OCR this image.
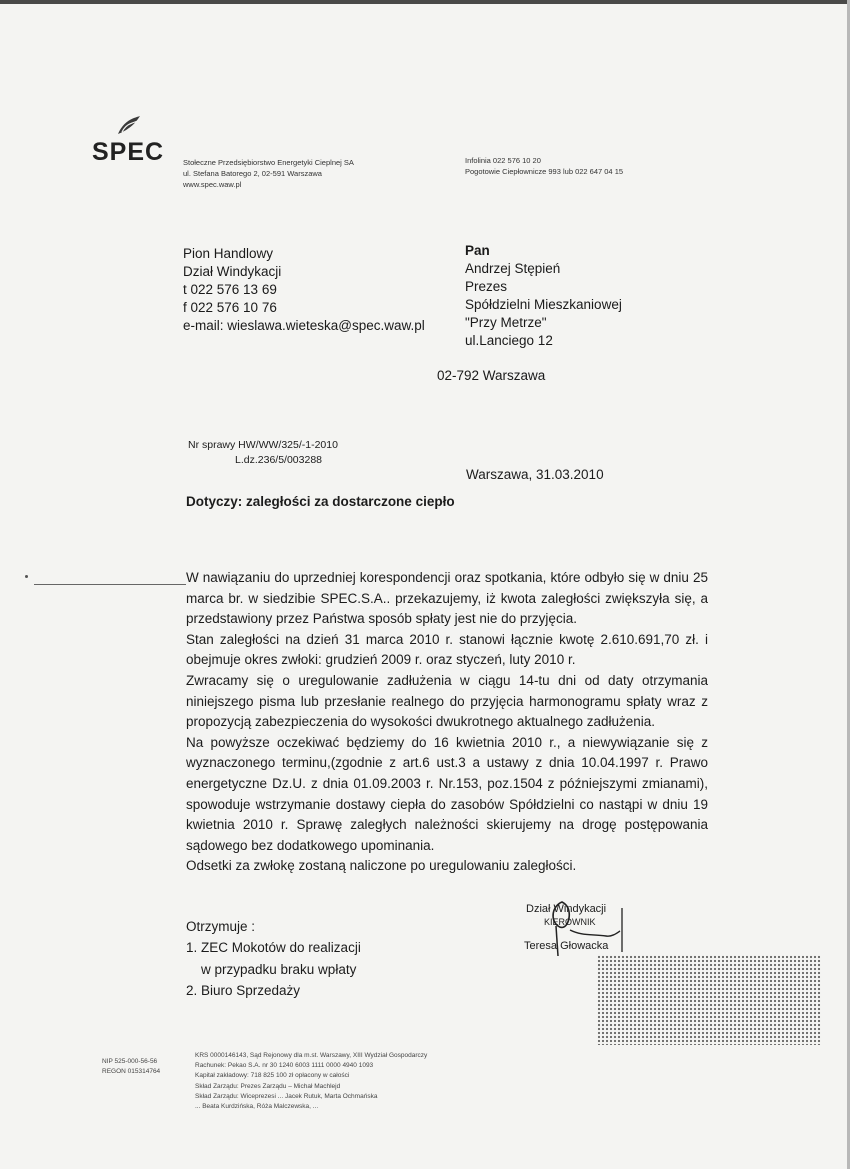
SPEC	Stołeczne Przedsiębiorstwo Energetyki Cieplnej SA
ul. Stefana Batorego 2, 02-591 Warszawa
www.spec.waw.pl
Infolinia 022 576 10 20
Pogotowie Ciepłownicze 993 lub 022 647 04 15
Pion Handlowy
Dział Windykacji
t 022 576 13 69
f 022 576 10 76
e-mail: wieslawa.wieteska@spec.waw.pl
Pan
Andrzej Stępień
Prezes
Spółdzielni Mieszkaniowej
"Przy Metrze"
ul.Lanciego 12
02-792 Warszawa
Nr sprawy HW/WW/325/-1-2010
L.dz.236/5/003288
Warszawa, 31.03.2010
Dotyczy: zaległości za dostarczone ciepło

W nawiązaniu do uprzedniej korespondencji oraz spotkania, które odbyło się w dniu 25 marca br. w siedzibie SPEC.S.A.. przekazujemy, iż kwota zaległości zwiększyła się, a przedstawiony przez Państwa sposób spłaty jest nie do przyjęcia.

Stan zaległości na dzień 31 marca 2010 r. stanowi łącznie kwotę 2.610.691,70 zł. i obejmuje okres zwłoki: grudzień 2009 r. oraz styczeń, luty 2010 r.

Zwracamy się o uregulowanie zadłużenia w ciągu 14-tu dni od daty otrzymania niniejszego pisma lub przesłanie realnego do przyjęcia harmonogramu spłaty wraz z propozycją zabezpieczenia do wysokości dwukrotnego aktualnego zadłużenia.

Na powyższe oczekiwać będziemy do 16 kwietnia 2010 r., a niewywiązanie się z wyznaczonego terminu,(zgodnie z art.6 ust.3 a ustawy z dnia 10.04.1997 r. Prawo energetyczne Dz.U. z dnia 01.09.2003 r. Nr.153, poz.1504 z późniejszymi zmianami), spowoduje wstrzymanie dostawy ciepła do zasobów Spółdzielni co nastąpi w dniu 19 kwietnia 2010 r. Sprawę zaległych należności skierujemy na drogę postępowania sądowego bez dodatkowego upominania.

Odsetki za zwłokę zostaną naliczone po uregulowaniu zaległości.

Otrzymuje :
1. ZEC Mokotów do realizacji
w przypadku braku wpłaty
2. Biuro Sprzedaży
Dział Windykacji
KIEROWNIK
Teresa Głowacka
NIP 525-000-56-56
REGON 015314764
KRS 0000146143, Sąd Rejonowy dla m.st. Warszawy, XIII Wydział Gospodarczy
Rachunek: Pekao S.A. nr 30 1240 6003 1111 0000 4940 1093
Kapitał zakładowy: 718 825 100 zł opłacony w całości
Skład Zarządu: Prezes Zarządu – Michał Machlejd
Skład Zarządu: Wiceprezesi ... Jacek Rutuk, Marta Ochmańska
... Beata Kurdzińska, Róża Malczewska, ...
